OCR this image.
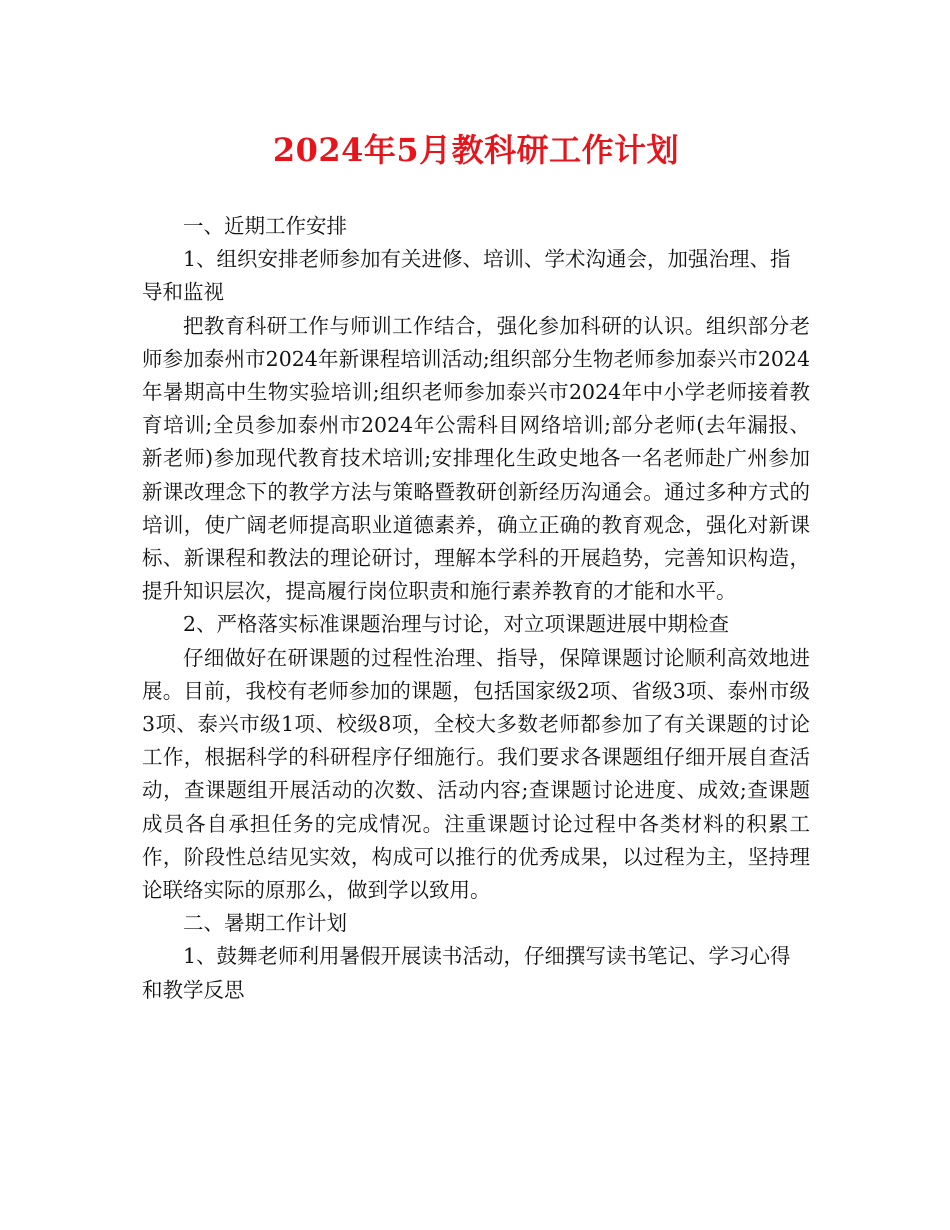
2024年5月教科研工作计划

一、近期工作安排

1、组织安排老师参加有关进修、培训、学术沟通会，加强治理、指导和监视

把教育科研工作与师训工作结合，强化参加科研的认识。组织部分老师参加泰州市2024年新课程培训活动;组织部分生物老师参加泰兴市2024年暑期高中生物实验培训;组织老师参加泰兴市2024年中小学老师接着教育培训;全员参加泰州市2024年公需科目网络培训;部分老师(去年漏报、新老师)参加现代教育技术培训;安排理化生政史地各一名老师赴广州参加新课改理念下的教学方法与策略暨教研创新经历沟通会。通过多种方式的培训，使广阔老师提高职业道德素养，确立正确的教育观念，强化对新课标、新课程和教法的理论研讨，理解本学科的开展趋势，完善知识构造，提升知识层次，提高履行岗位职责和施行素养教育的才能和水平。

2、严格落实标准课题治理与讨论，对立项课题进展中期检查

仔细做好在研课题的过程性治理、指导，保障课题讨论顺利高效地进展。目前，我校有老师参加的课题，包括国家级2项、省级3项、泰州市级3项、泰兴市级1项、校级8项，全校大多数老师都参加了有关课题的讨论工作，根据科学的科研程序仔细施行。我们要求各课题组仔细开展自查活动，查课题组开展活动的次数、活动内容;查课题讨论进度、成效;查课题成员各自承担任务的完成情况。注重课题讨论过程中各类材料的积累工作，阶段性总结见实效，构成可以推行的优秀成果，以过程为主，坚持理论联络实际的原那么，做到学以致用。

二、暑期工作计划

1、鼓舞老师利用暑假开展读书活动，仔细撰写读书笔记、学习心得和教学反思
